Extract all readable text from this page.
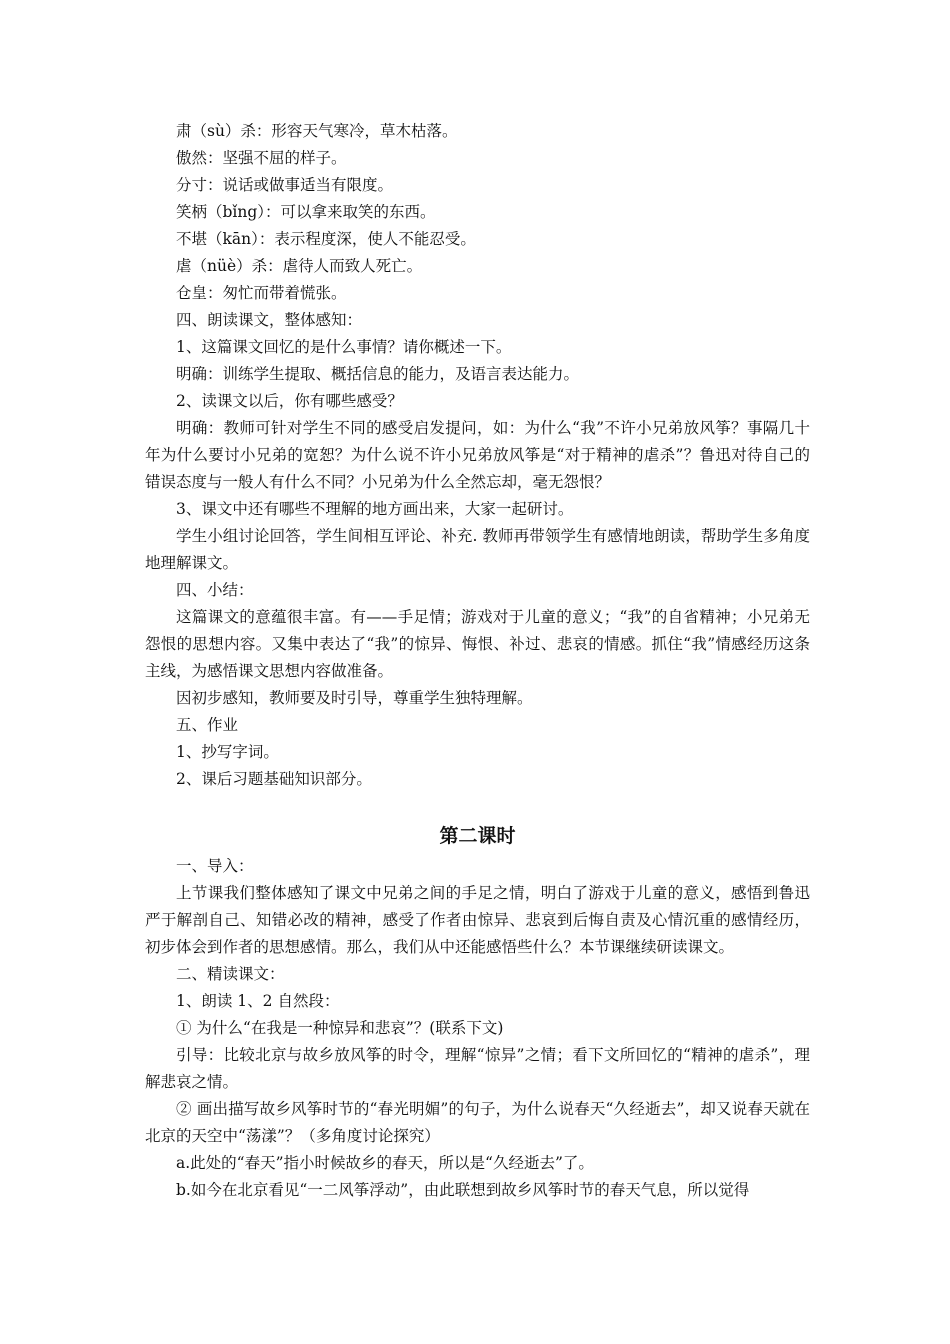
肃（sù）杀：形容天气寒冷，草木枯落。

傲然：坚强不屈的样子。

分寸：说话或做事适当有限度。

笑柄（bǐng）：可以拿来取笑的东西。

不堪（kān）：表示程度深，使人不能忍受。

虐（nüè）杀：虐待人而致人死亡。

仓皇：匆忙而带着慌张。

四、朗读课文，整体感知：

1、这篇课文回忆的是什么事情？请你概述一下。

明确：训练学生提取、概括信息的能力，及语言表达能力。

2、读课文以后，你有哪些感受？

明确：教师可针对学生不同的感受启发提问，如：为什么“我”不许小兄弟放风筝？事隔几十年为什么要讨小兄弟的宽恕？为什么说不许小兄弟放风筝是“对于精神的虐杀”？鲁迅对待自己的错误态度与一般人有什么不同？小兄弟为什么全然忘却，毫无怨恨？

3、课文中还有哪些不理解的地方画出来，大家一起研讨。

学生小组讨论回答，学生间相互评论、补充. 教师再带领学生有感情地朗读，帮助学生多角度地理解课文。

四、小结：

这篇课文的意蕴很丰富。有——手足情；游戏对于儿童的意义；“我”的自省精神；小兄弟无怨恨的思想内容。又集中表达了“我”的惊异、悔恨、补过、悲哀的情感。抓住“我”情感经历这条主线，为感悟课文思想内容做准备。

因初步感知，教师要及时引导，尊重学生独特理解。

五、作业

1、抄写字词。

2、课后习题基础知识部分。

第二课时

一、导入：

上节课我们整体感知了课文中兄弟之间的手足之情，明白了游戏于儿童的意义，感悟到鲁迅严于解剖自己、知错必改的精神，感受了作者由惊异、悲哀到后悔自责及心情沉重的感情经历，初步体会到作者的思想感情。那么，我们从中还能感悟些什么？本节课继续研读课文。

二、精读课文：

1、朗读 1、2 自然段：

① 为什么“在我是一种惊异和悲哀”？(联系下文)

引导：比较北京与故乡放风筝的时令，理解“惊异”之情；看下文所回忆的“精神的虐杀”，理解悲哀之情。

② 画出描写故乡风筝时节的“春光明媚”的句子，为什么说春天“久经逝去”，却又说春天就在北京的天空中“荡漾”？（多角度讨论探究）

a.此处的“春天”指小时候故乡的春天，所以是“久经逝去”了。

b.如今在北京看见“一二风筝浮动”，由此联想到故乡风筝时节的春天气息，所以觉得
